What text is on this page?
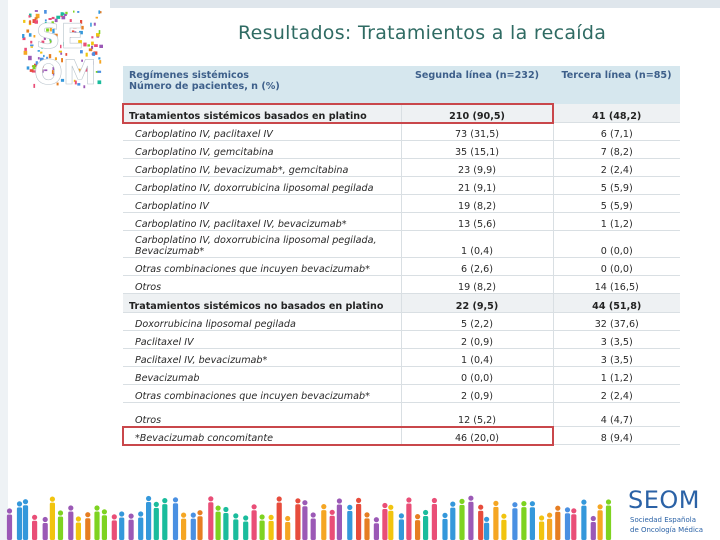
SE
OM
Resultados: Tratamientos a la recaída
Regímenes sistémicos
Número de pacientes, n (%)	Segunda línea (n=232)	Tercera línea (n=85)
Tratamientos sistémicos basados en platino	210 (90,5)	41 (48,2)
Carboplatino IV, paclitaxel IV	73 (31,5)	6 (7,1)
Carboplatino IV, gemcitabina	35 (15,1)	7 (8,2)
Carboplatino IV, bevacizumab*, gemcitabina	23 (9,9)	2 (2,4)
Carboplatino IV, doxorrubicina liposomal pegilada	21 (9,1)	5 (5,9)
Carboplatino IV	19 (8,2)	5 (5,9)
Carboplatino IV, paclitaxel IV, bevacizumab*	13 (5,6)	1 (1,2)
Carboplatino IV, doxorrubicina liposomal pegilada, Bevacizumab*	1 (0,4)	0 (0,0)
Otras combinaciones que incuyen bevacizumab*	6 (2,6)	0 (0,0)
Otros	19 (8,2)	14 (16,5)
Tratamientos sistémicos no basados en platino	22 (9,5)	44 (51,8)
Doxorrubicina liposomal pegilada	5 (2,2)	32 (37,6)
Paclitaxel IV	2 (0,9)	3 (3,5)
Paclitaxel IV, bevacizumab*	1 (0,4)	3 (3,5)
Bevacizumab	0 (0,0)	1 (1,2)
Otras combinaciones que incuyen bevacizumab*	2 (0,9)	2 (2,4)
Otros	12 (5,2)	4 (4,7)
*Bevacizumab concomitante	46 (20,0)	8 (9,4)
SEOM
Sociedad Española
de Oncología Médica
